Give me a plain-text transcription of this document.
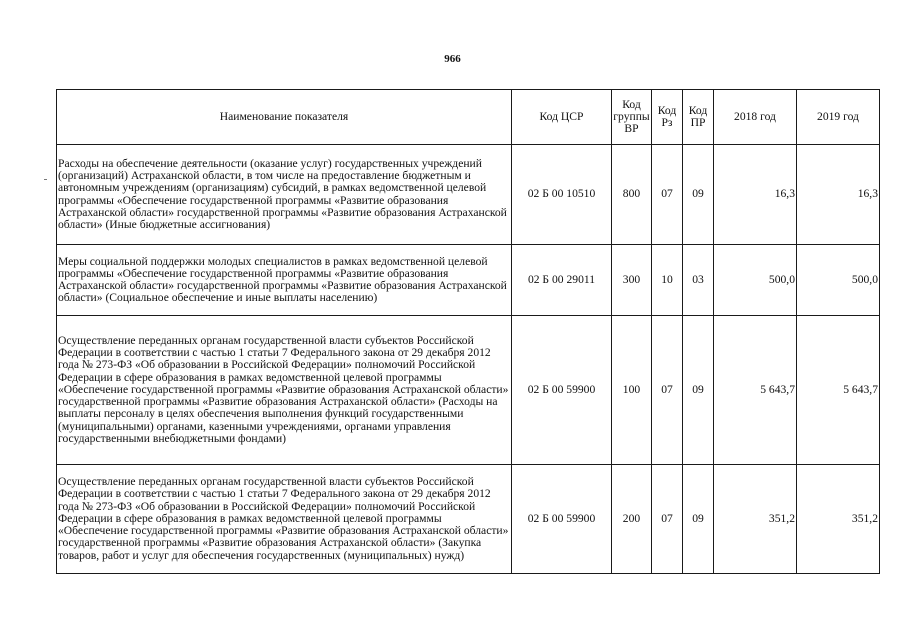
966
Наименование показателя	Код ЦСР	Код группы ВР	Код Рз	Код ПР	2018 год	2019 год
Расходы на обеспечение деятельности (оказание услуг) государственных учреждений (организаций) Астраханской области, в том числе на предоставление бюджетным и автономным учреждениям (организациям) субсидий, в рамках ведомственной целевой программы «Обеспечение государственной программы «Развитие образования Астраханской области» государственной программы «Развитие образования Астраханской области» (Иные бюджетные ассигнования)	02 Б 00 10510	800	07	09	16,3	16,3
Меры социальной поддержки молодых специалистов в рамках ведомственной целевой программы «Обеспечение государственной программы «Развитие образования Астраханской области» государственной программы «Развитие образования Астраханской области» (Социальное обеспечение и иные выплаты населению)	02 Б 00 29011	300	10	03	500,0	500,0
Осуществление переданных органам государственной власти субъектов Российской Федерации в соответствии с частью 1 статьи 7 Федерального закона от 29 декабря 2012 года № 273-ФЗ «Об образовании в Российской Федерации» полномочий Российской Федерации в сфере образования в рамках ведомственной целевой программы «Обеспечение государственной программы «Развитие образования Астраханской области» государственной программы «Развитие образования Астраханской области» (Расходы на выплаты персоналу в целях обеспечения выполнения функций государственными (муниципальными) органами, казенными учреждениями, органами управления государственными внебюджетными фондами)	02 Б 00 59900	100	07	09	5 643,7	5 643,7
Осуществление переданных органам государственной власти субъектов Российской Федерации в соответствии с частью 1 статьи 7 Федерального закона от 29 декабря 2012 года № 273-ФЗ «Об образовании в Российской Федерации» полномочий Российской Федерации в сфере образования в рамках ведомственной целевой программы «Обеспечение государственной программы «Развитие образования Астраханской области» государственной программы «Развитие образования Астраханской области» (Закупка товаров, работ и услуг для обеспечения государственных (муниципальных) нужд)	02 Б 00 59900	200	07	09	351,2	351,2
